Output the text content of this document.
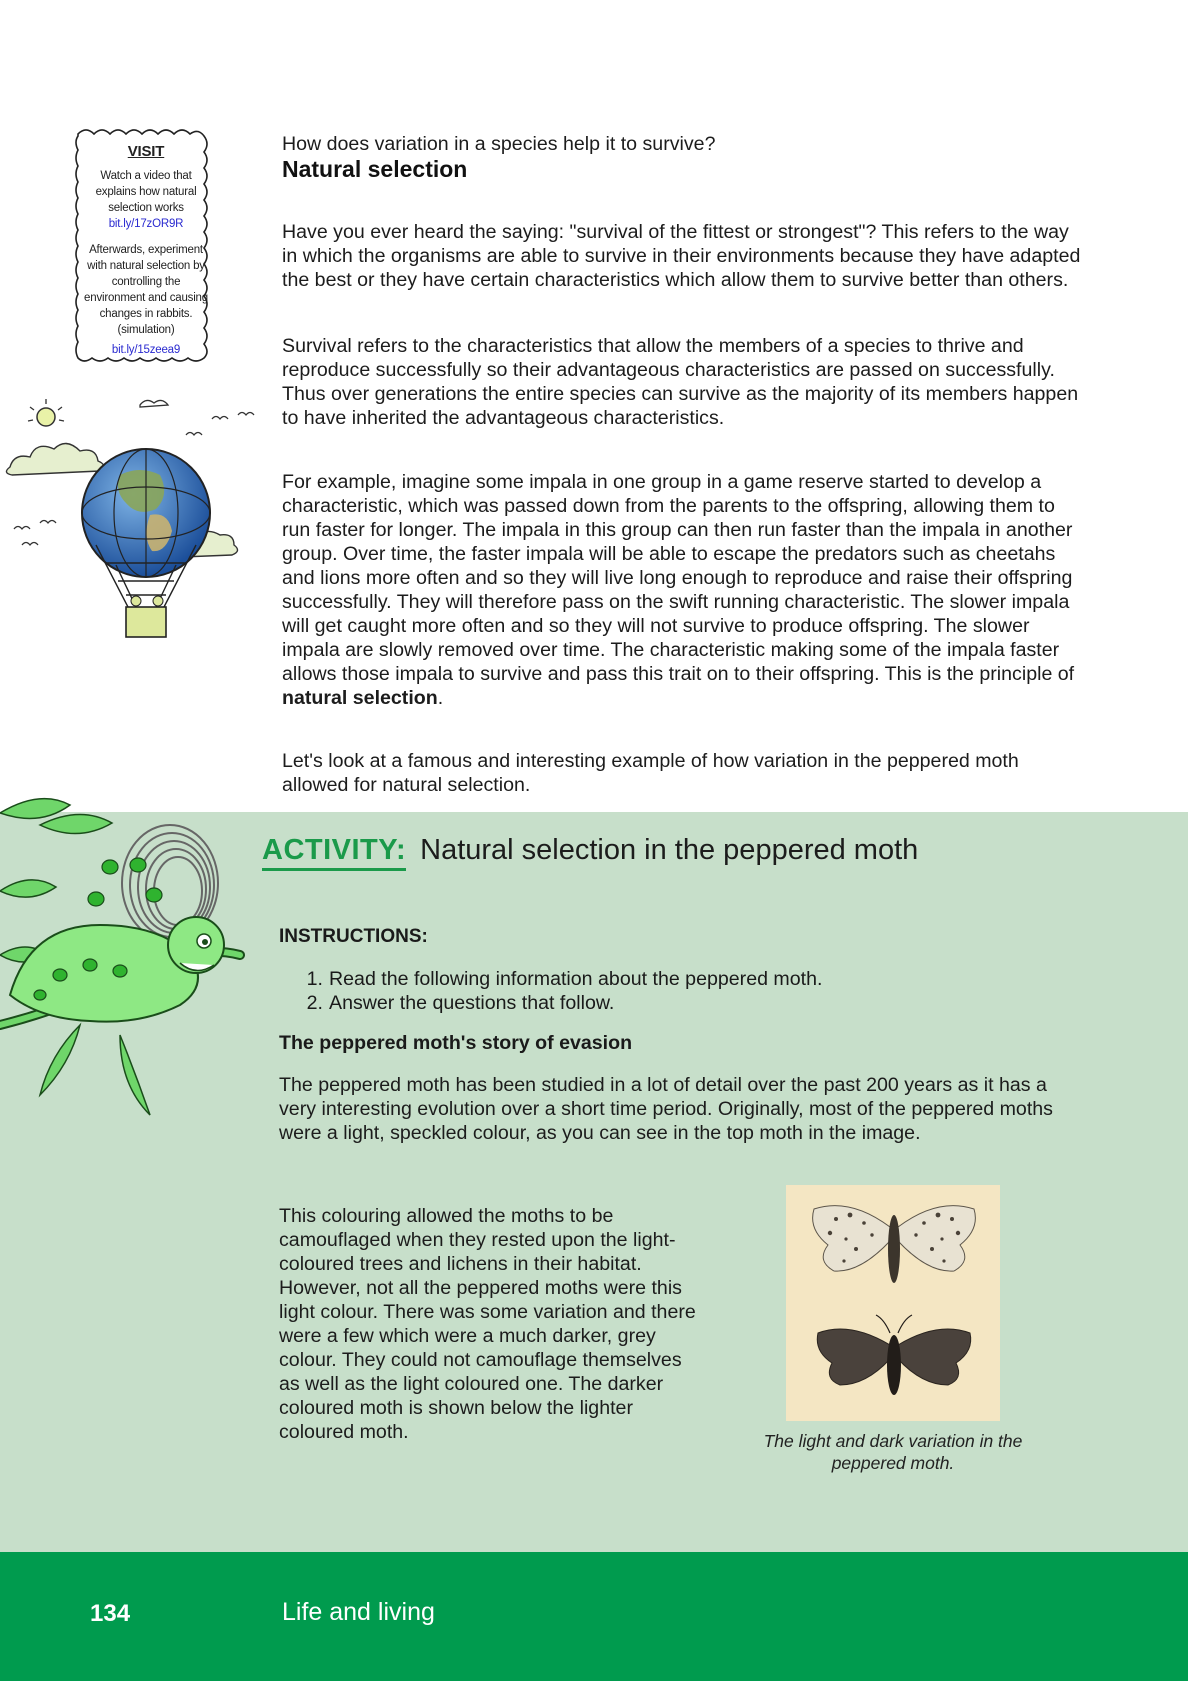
VISIT
Watch a video that explains how natural selection works
bit.ly/17zOR9R
Afterwards, experiment with natural selection by controlling the environment and causing changes in rabbits.
(simulation)
bit.ly/15zeea9

How does variation in a species help it to survive?

Natural selection

Have you ever heard the saying: "survival of the fittest or strongest"? This refers to the way in which the organisms are able to survive in their environments because they have adapted the best or they have certain characteristics which allow them to survive better than others.

Survival refers to the characteristics that allow the members of a species to thrive and reproduce successfully so their advantageous characteristics are passed on successfully. Thus over generations the entire species can survive as the majority of its members happen to have inherited the advantageous characteristics.

For example, imagine some impala in one group in a game reserve started to develop a characteristic, which was passed down from the parents to the offspring, allowing them to run faster for longer. The impala in this group can then run faster than the impala in another group. Over time, the faster impala will be able to escape the predators such as cheetahs and lions more often and so they will live long enough to reproduce and raise their offspring successfully. They will therefore pass on the swift running characteristic. The slower impala will get caught more often and so they will not survive to produce offspring. The slower impala are slowly removed over time. The characteristic making some of the impala faster allows those impala to survive and pass this trait on to their offspring. This is the principle of natural selection.

Let's look at a famous and interesting example of how variation in the peppered moth allowed for natural selection.

ACTIVITY: Natural selection in the peppered moth
INSTRUCTIONS:
1. Read the following information about the peppered moth.
2. Answer the questions that follow.
The peppered moth's story of evasion

The peppered moth has been studied in a lot of detail over the past 200 years as it has a very interesting evolution over a short time period. Originally, most of the peppered moths were a light, speckled colour, as you can see in the top moth in the image.

This colouring allowed the moths to be camouflaged when they rested upon the light-coloured trees and lichens in their habitat. However, not all the peppered moths were this light colour. There was some variation and there were a few which were a much darker, grey colour. They could not camouflage themselves as well as the light coloured one. The darker coloured moth is shown below the lighter coloured moth.	The light and dark variation in the peppered moth.
134	Life and living
